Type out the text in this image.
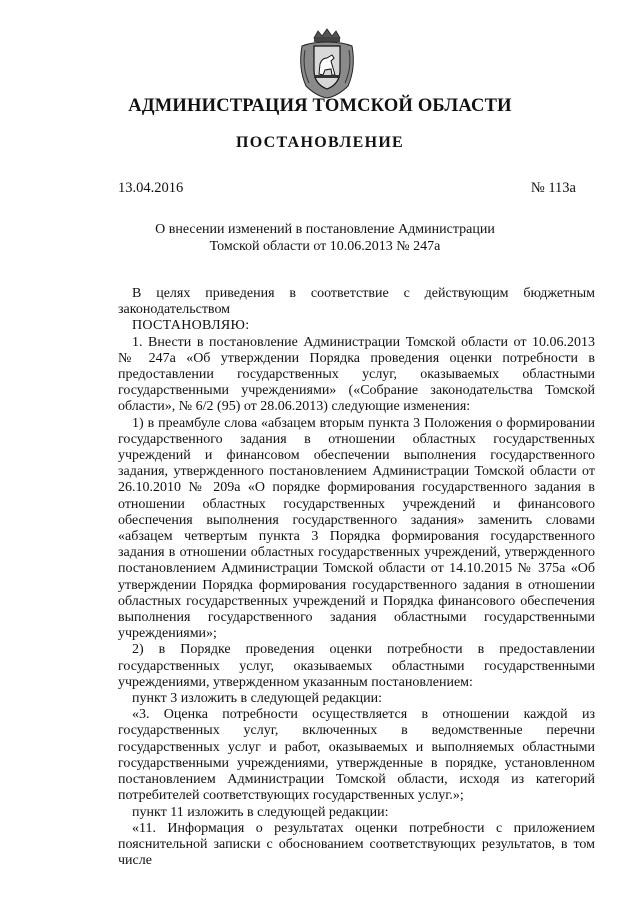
АДМИНИСТРАЦИЯ ТОМСКОЙ ОБЛАСТИ
ПОСТАНОВЛЕНИЕ
13.04.2016	№ 113а
О внесении изменений в постановление Администрации
Томской области от 10.06.2013 № 247а

В целях приведения в соответствие с действующим бюджетным законодательством

ПОСТАНОВЛЯЮ:

1. Внести в постановление Администрации Томской области от 10.06.2013 № 247а «Об утверждении Порядка проведения оценки потребности в предоставлении государственных услуг, оказываемых областными государственными учреждениями» («Собрание законодательства Томской области», № 6/2 (95) от 28.06.2013) следующие изменения:

1) в преамбуле слова «абзацем вторым пункта 3 Положения о формировании государственного задания в отношении областных государственных учреждений и финансовом обеспечении выполнения государственного задания, утвержденного постановлением Администрации Томской области от 26.10.2010 № 209а «О порядке формирования государственного задания в отношении областных государственных учреждений и финансового обеспечения выполнения государственного задания» заменить словами «абзацем четвертым пункта 3 Порядка формирования государственного задания в отношении областных государственных учреждений, утвержденного постановлением Администрации Томской области от 14.10.2015 № 375а «Об утверждении Порядка формирования государственного задания в отношении областных государственных учреждений и Порядка финансового обеспечения выполнения государственного задания областными государственными учреждениями»;

2) в Порядке проведения оценки потребности в предоставлении государственных услуг, оказываемых областными государственными учреждениями, утвержденном указанным постановлением:

пункт 3 изложить в следующей редакции:

«3. Оценка потребности осуществляется в отношении каждой из государственных услуг, включенных в ведомственные перечни государственных услуг и работ, оказываемых и выполняемых областными государственными учреждениями, утвержденные в порядке, установленном постановлением Администрации Томской области, исходя из категорий потребителей соответствующих государственных услуг.»;

пункт 11 изложить в следующей редакции:

«11. Информация о результатах оценки потребности с приложением пояснительной записки с обоснованием соответствующих результатов, в том числе
